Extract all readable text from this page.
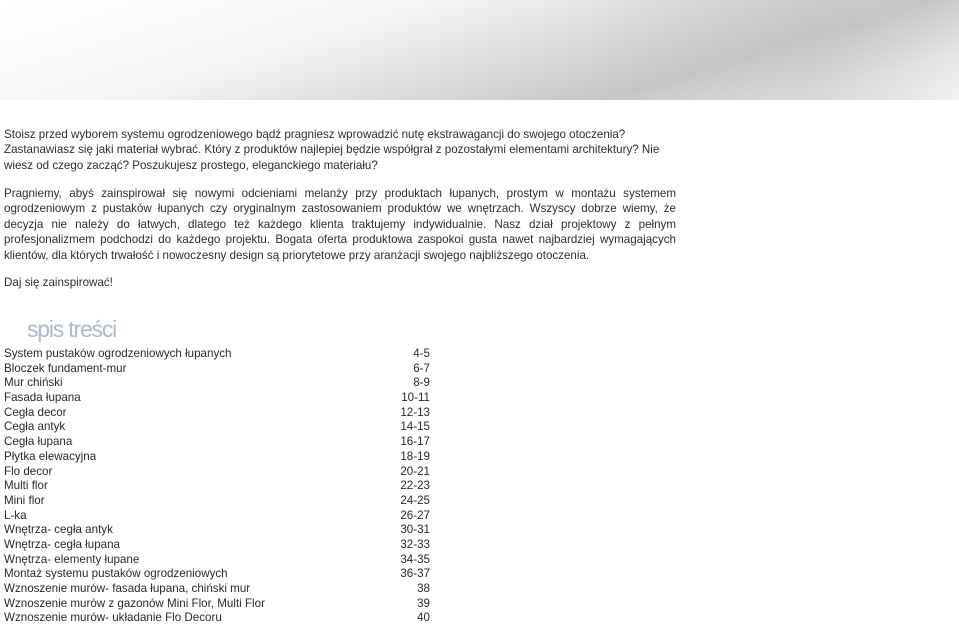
Stoisz przed wyborem systemu ogrodzeniowego bądź pragniesz wprowadzić nutę ekstrawagancji do swojego otoczenia? Zastanawiasz się jaki materiał wybrać. Który z produktów najlepiej będzie współgrał z pozostałymi elementami architektury? Nie wiesz od czego zacząć? Poszukujesz prostego, eleganckiego materiału?

Pragniemy, abyś zainspirował się nowymi odcieniami melanży przy produktach łupanych, prostym w montażu systemem ogrodzeniowym z pustaków łupanych czy oryginalnym zastosowaniem produktów we wnętrzach. Wszyscy dobrze wiemy, że decyzja nie należy do łatwych, dlatego też każdego klienta traktujemy indywidualnie. Nasz dział projektowy z pełnym profesjonalizmem podchodzi do każdego projektu. Bogata oferta produktowa zaspokoi gusta nawet najbardziej wymagających klientów, dla których trwałość i nowoczesny design są priorytetowe przy aranżacji swojego najbliższego otoczenia.

Daj się zainspirować!

spis treści
System pustaków ogrodzeniowych łupanych	4-5
Bloczek fundament-mur	6-7
Mur chiński	8-9
Fasada łupana	10-11
Cegła decor	12-13
Cegła antyk	14-15
Cegła łupana	16-17
Płytka elewacyjna	18-19
Flo decor	20-21
Multi flor	22-23
Mini flor	24-25
L-ka	26-27
Wnętrza- cegła antyk	30-31
Wnętrza- cegła łupana	32-33
Wnętrza- elementy łupane	34-35
Montaż systemu pustaków ogrodzeniowych	36-37
Wznoszenie murów- fasada łupana, chiński mur	38
Wznoszenie murów z gazonów Mini Flor, Multi Flor	39
Wznoszenie murów- układanie Flo Decoru	40
